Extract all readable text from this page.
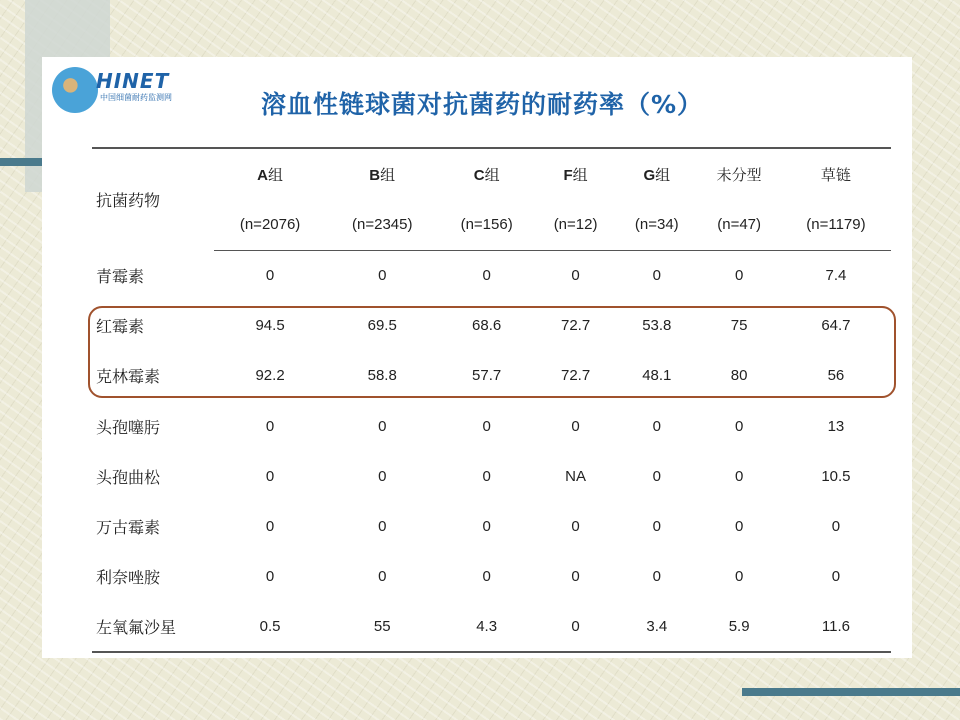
HINET
中国细菌耐药监测网	溶血性链球菌对抗菌药的耐药率（%）
抗菌药物	A组	B组	C组	F组	G组	未分型	草链
	(n=2076)	(n=2345)	(n=156)	(n=12)	(n=34)	(n=47)	(n=1179)
青霉素	0	0	0	0	0	0	7.4
红霉素	94.5	69.5	68.6	72.7	53.8	75	64.7
克林霉素	92.2	58.8	57.7	72.7	48.1	80	56
头孢噻肟	0	0	0	0	0	0	13
头孢曲松	0	0	0	NA	0	0	10.5
万古霉素	0	0	0	0	0	0	0
利奈唑胺	0	0	0	0	0	0	0
左氧氟沙星	0.5	55	4.3	0	3.4	5.9	11.6
